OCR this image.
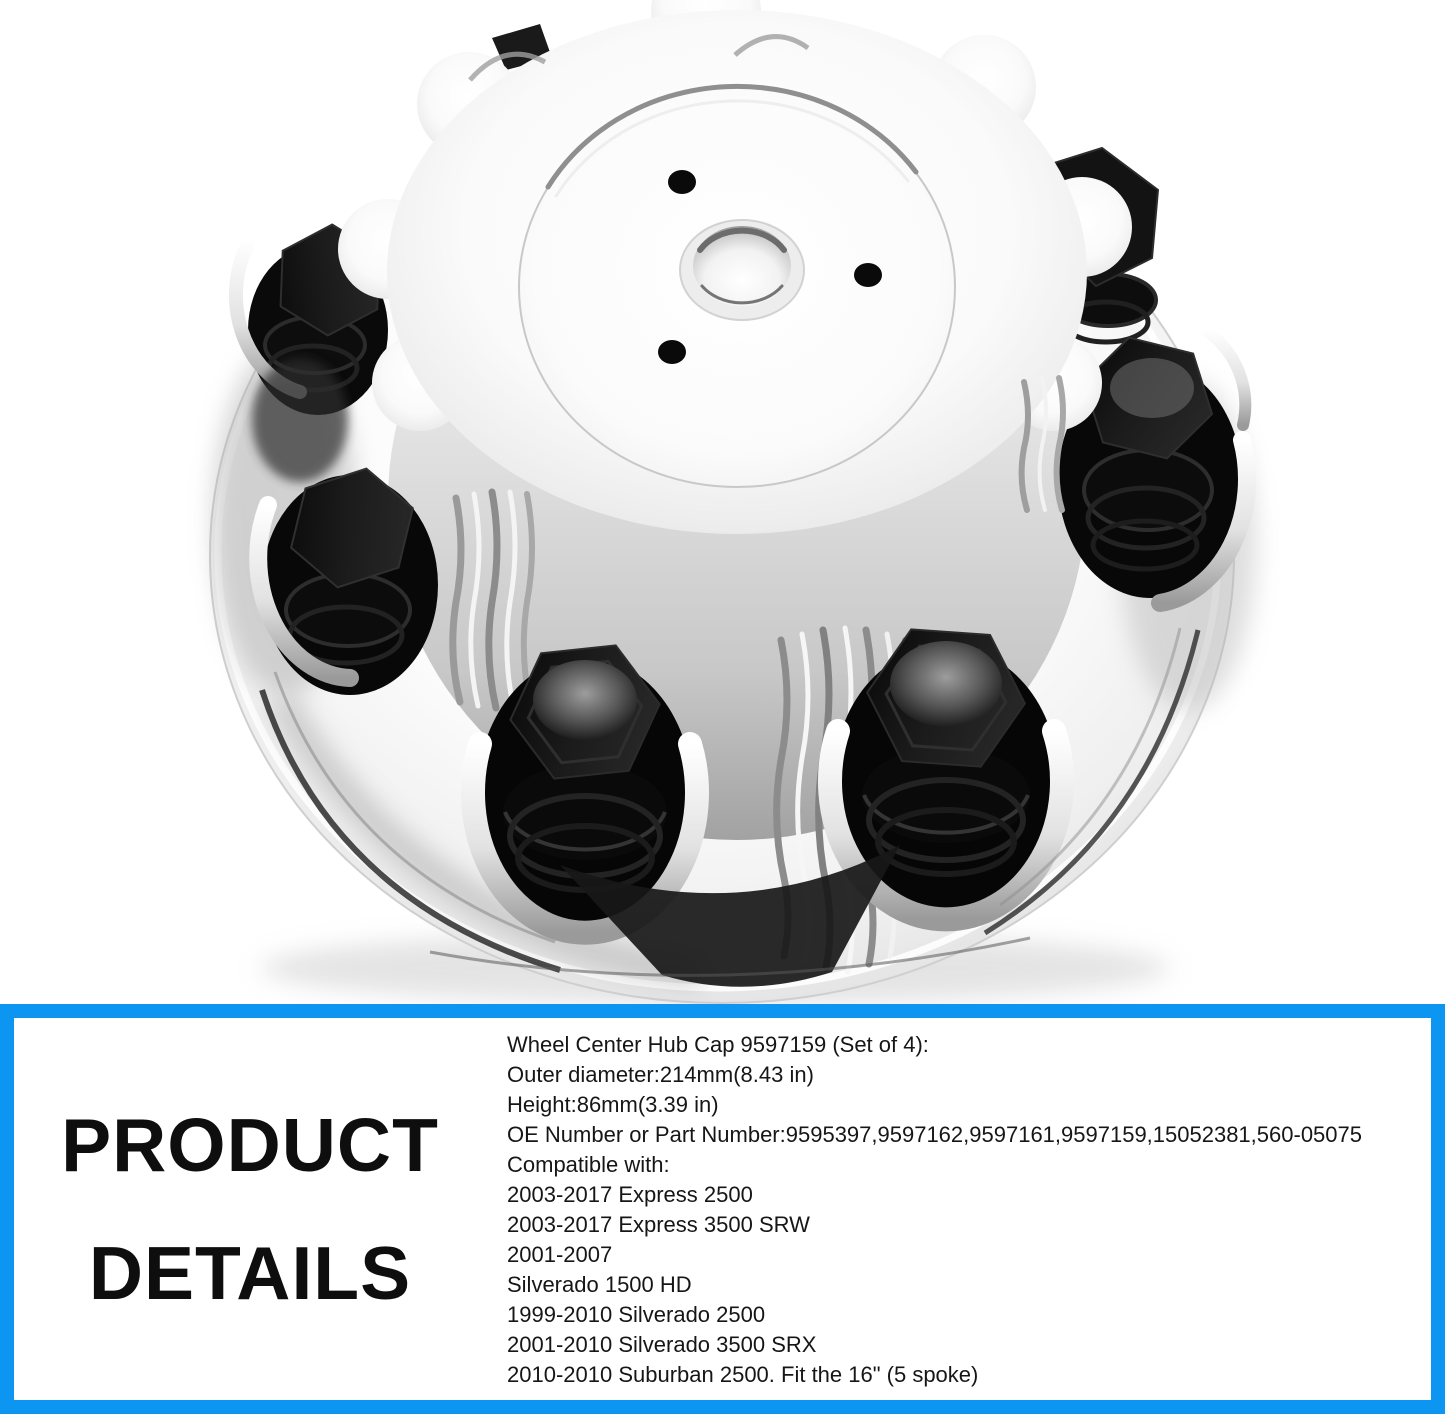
PRODUCT
DETAILS
Wheel Center Hub Cap 9597159 (Set of 4):
Outer diameter:214mm(8.43 in)
Height:86mm(3.39 in)
OE Number or Part Number:9595397,9597162,9597161,9597159,15052381,560-05075
Compatible with:
2003-2017 Express 2500
2003-2017 Express 3500 SRW
2001-2007
Silverado 1500 HD
1999-2010 Silverado 2500
2001-2010 Silverado 3500 SRX
2010-2010 Suburban 2500. Fit the 16" (5 spoke)
